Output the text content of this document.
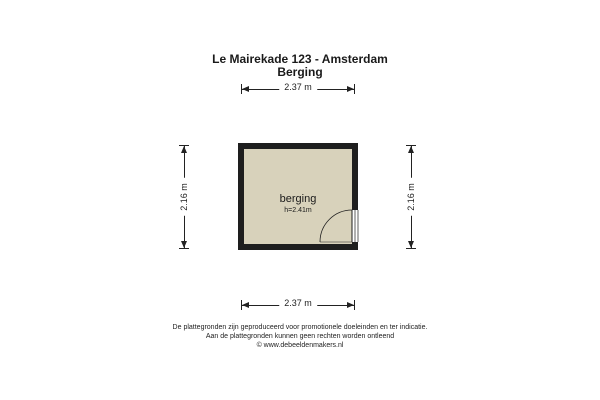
Le Mairekade 123 - Amsterdam
Berging
2.37 m
2.37 m
2.16 m	2.16 m
berging
h=2.41m
De plattegronden zijn geproduceerd voor promotionele doeleinden en ter indicatie.
Aan de plattegronden kunnen geen rechten worden ontleend
© www.debeeldenmakers.nl
